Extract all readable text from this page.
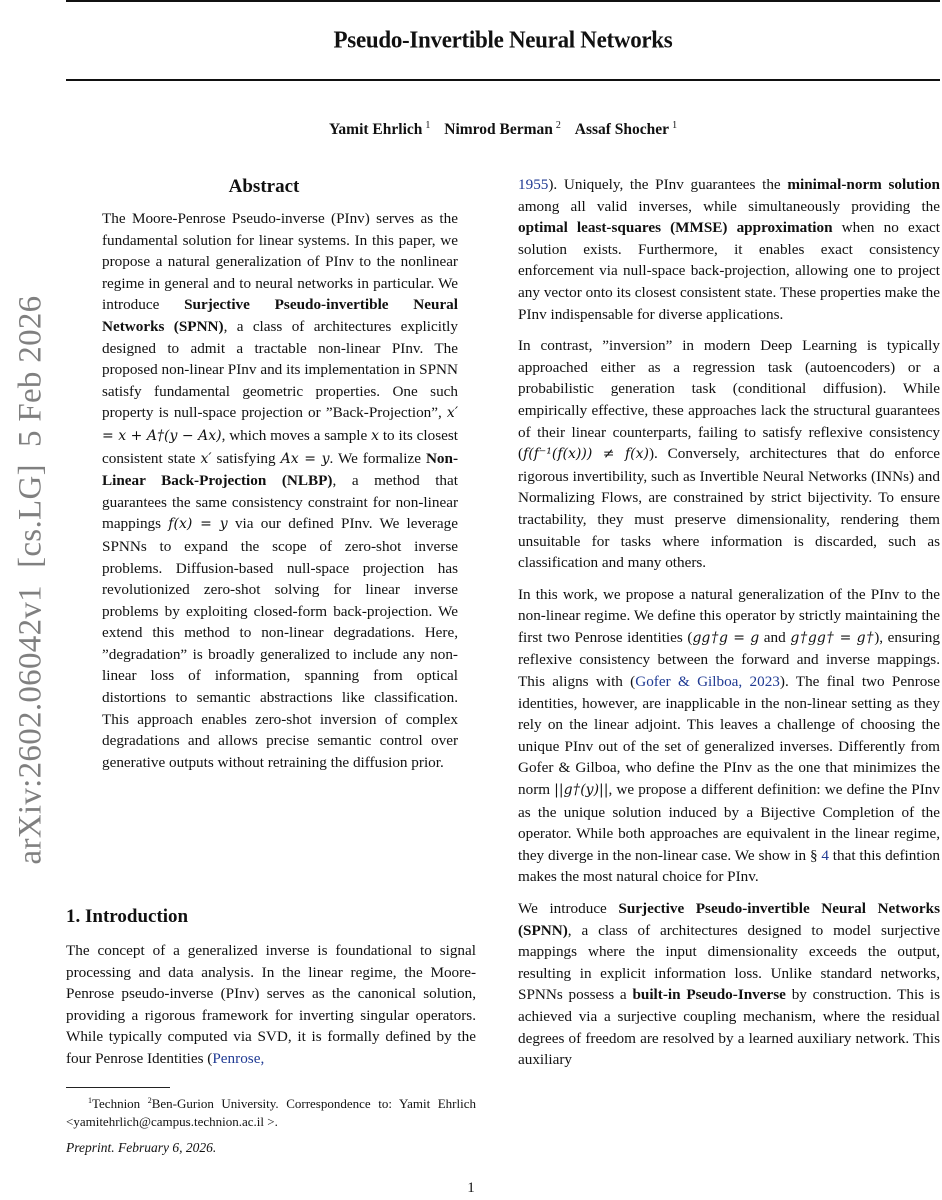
Pseudo-Invertible Neural Networks
Yamit Ehrlich $^1$ Nimrod Berman $^2$ Assaf Shocher $^1$
arXiv:2602.06042v1  [cs.LG]  5 Feb 2026
Abstract

The Moore-Penrose Pseudo-inverse (PInv) serves as the fundamental solution for linear systems. In this paper, we propose a natural generalization of PInv to the nonlinear regime in general and to neural networks in particular. We introduce Surjective Pseudo-invertible Neural Networks (SPNN), a class of architectures explicitly designed to admit a tractable non-linear PInv. The proposed non-linear PInv and its implementation in SPNN satisfy fundamental geometric properties. One such property is null-space projection or ”Back-Projection”, x′ = x + A†(y − Ax), which moves a sample x to its closest consistent state x′ satisfying Ax = y. We formalize Non-Linear Back-Projection (NLBP), a method that guarantees the same consistency constraint for non-linear mappings f(x) = y via our defined PInv. We leverage SPNNs to expand the scope of zero-shot inverse problems. Diffusion-based null-space projection has revolutionized zero-shot solving for linear inverse problems by exploiting closed-form back-projection. We extend this method to non-linear degradations. Here, ”degradation” is broadly generalized to include any non-linear loss of information, spanning from optical distortions to semantic abstractions like classification. This approach enables zero-shot inversion of complex degradations and allows precise semantic control over generative outputs without retraining the diffusion prior.

1. Introduction

The concept of a generalized inverse is foundational to signal processing and data analysis. In the linear regime, the Moore-Penrose pseudo-inverse (PInv) serves as the canonical solution, providing a rigorous framework for inverting singular operators. While typically computed via SVD, it is formally defined by the four Penrose Identities (Penrose,

$^1$Technion $^2$Ben-Gurion University. Correspondence to: Yamit Ehrlich <yamitehrlich@campus.technion.ac.il >.

Preprint. February 6, 2026.

1955). Uniquely, the PInv guarantees the minimal-norm solution among all valid inverses, while simultaneously providing the optimal least-squares (MMSE) approximation when no exact solution exists. Furthermore, it enables exact consistency enforcement via null-space back-projection, allowing one to project any vector onto its closest consistent state. These properties make the PInv indispensable for diverse applications.

In contrast, ”inversion” in modern Deep Learning is typically approached either as a regression task (autoencoders) or a probabilistic generation task (conditional diffusion). While empirically effective, these approaches lack the structural guarantees of their linear counterparts, failing to satisfy reflexive consistency (f(f⁻¹(f(x))) ≠ f(x)). Conversely, architectures that do enforce rigorous invertibility, such as Invertible Neural Networks (INNs) and Normalizing Flows, are constrained by strict bijectivity. To ensure tractability, they must preserve dimensionality, rendering them unsuitable for tasks where information is discarded, such as classification and many others.

In this work, we propose a natural generalization of the PInv to the non-linear regime. We define this operator by strictly maintaining the first two Penrose identities (gg†g = g and g†gg† = g†), ensuring reflexive consistency between the forward and inverse mappings. This aligns with (Gofer & Gilboa, 2023). The final two Penrose identities, however, are inapplicable in the non-linear setting as they rely on the linear adjoint. This leaves a challenge of choosing the unique PInv out of the set of generalized inverses. Differently from Gofer & Gilboa, who define the PInv as the one that minimizes the norm ||g†(y)||, we propose a different definition: we define the PInv as the unique solution induced by a Bijective Completion of the operator. While both approaches are equivalent in the linear regime, they diverge in the non-linear case. We show in § 4 that this defintion makes the most natural choice for PInv.

We introduce Surjective Pseudo-invertible Neural Networks (SPNN), a class of architectures designed to model surjective mappings where the input dimensionality exceeds the output, resulting in explicit information loss. Unlike standard networks, SPNNs possess a built-in Pseudo-Inverse by construction. This is achieved via a surjective coupling mechanism, where the residual degrees of freedom are resolved by a learned auxiliary network. This auxiliary

1
